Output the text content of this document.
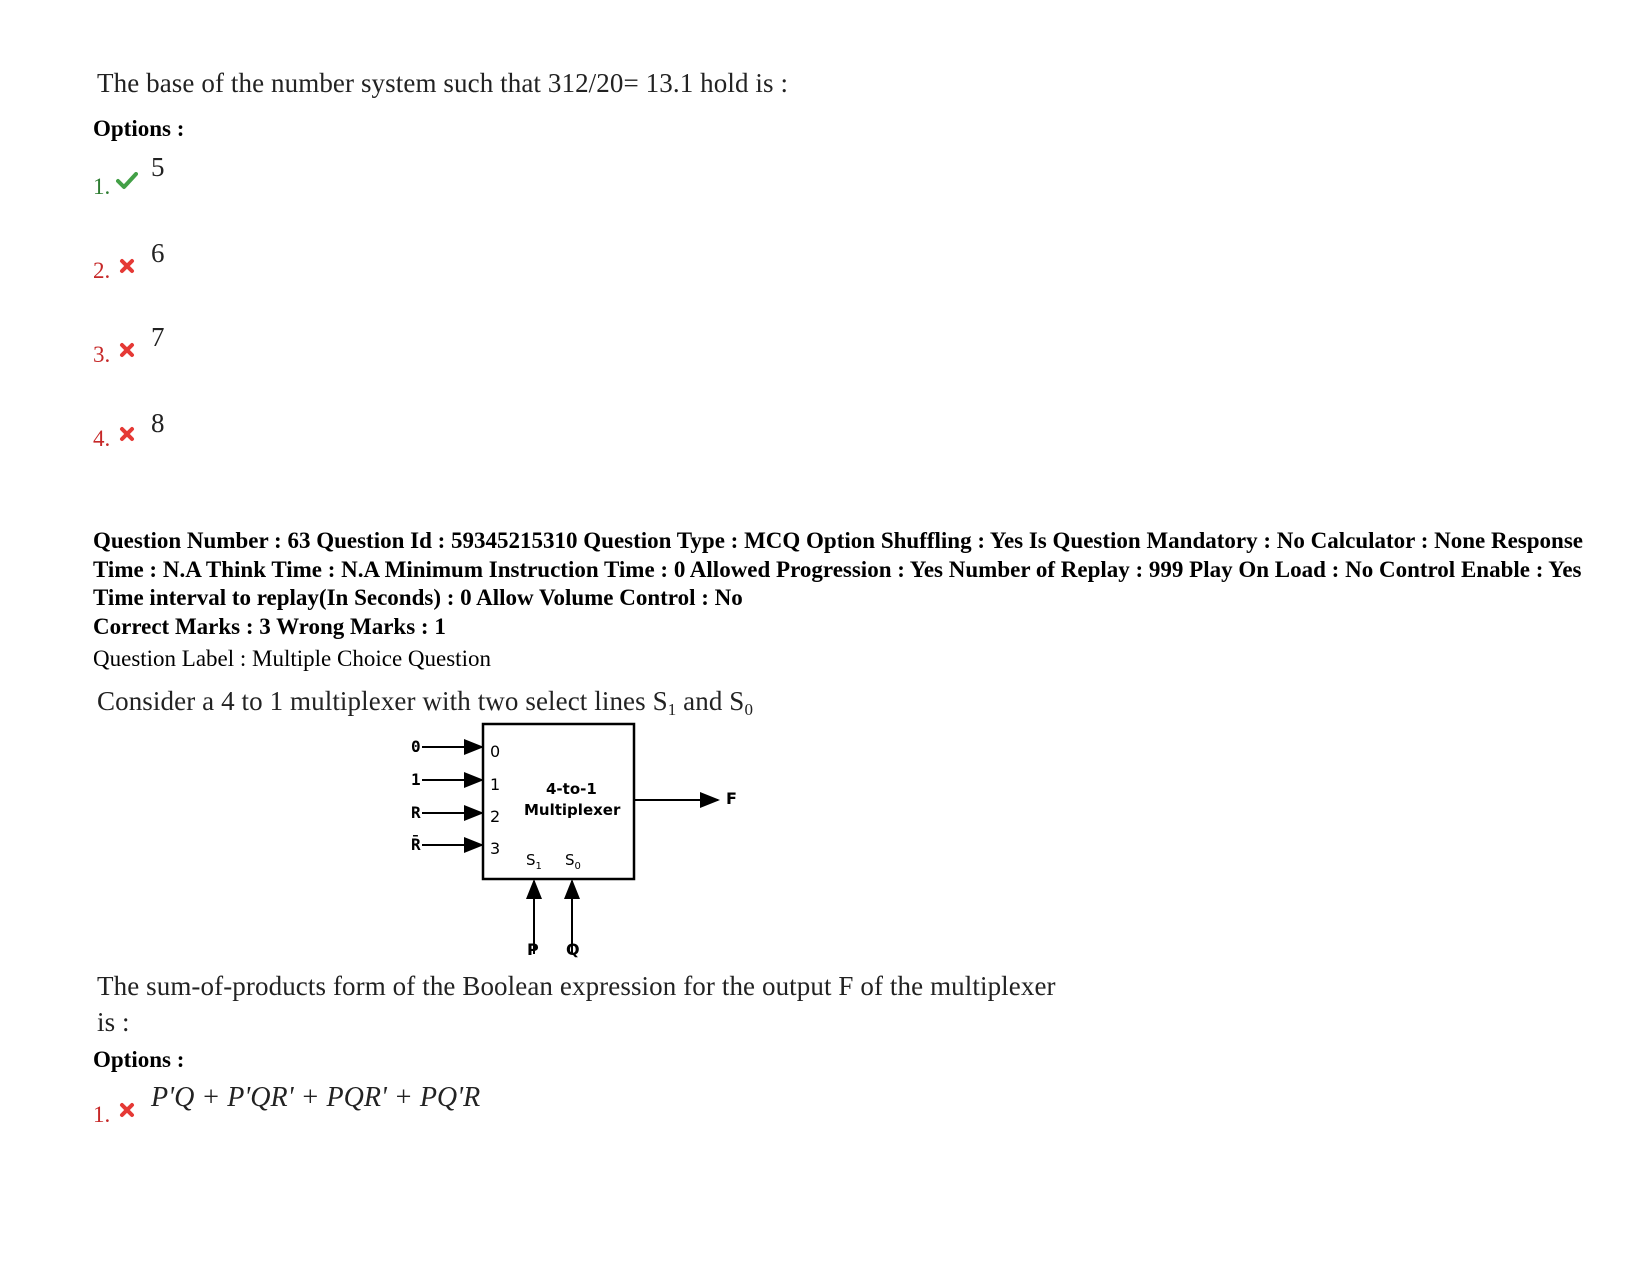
The base of the number system such that 312/20= 13.1 hold is :
Options :
1.
5
2.
6
3.
7
4.
8
Question Number : 63 Question Id : 59345215310 Question Type : MCQ Option Shuffling : Yes Is Question Mandatory : No Calculator : None Response Time : N.A Think Time : N.A Minimum Instruction Time : 0 Allowed Progression : Yes Number of Replay : 999 Play On Load : No Control Enable : Yes Time interval to replay(In Seconds) : 0 Allow Volume Control : No
Correct Marks : 3 Wrong Marks : 1
Question Label : Multiple Choice Question
Consider a 4 to 1 multiplexer with two select lines $S_1$ and $S_0$
0
1
R
R̄
0
1
2
3
4-to-1
Multiplexer
$S_1$ $S_0$
F
P Q
The sum-of-products form of the Boolean expression for the output F of the multiplexer
is :
Options :
1.
P'Q + P'QR' + PQR' + PQ'R
